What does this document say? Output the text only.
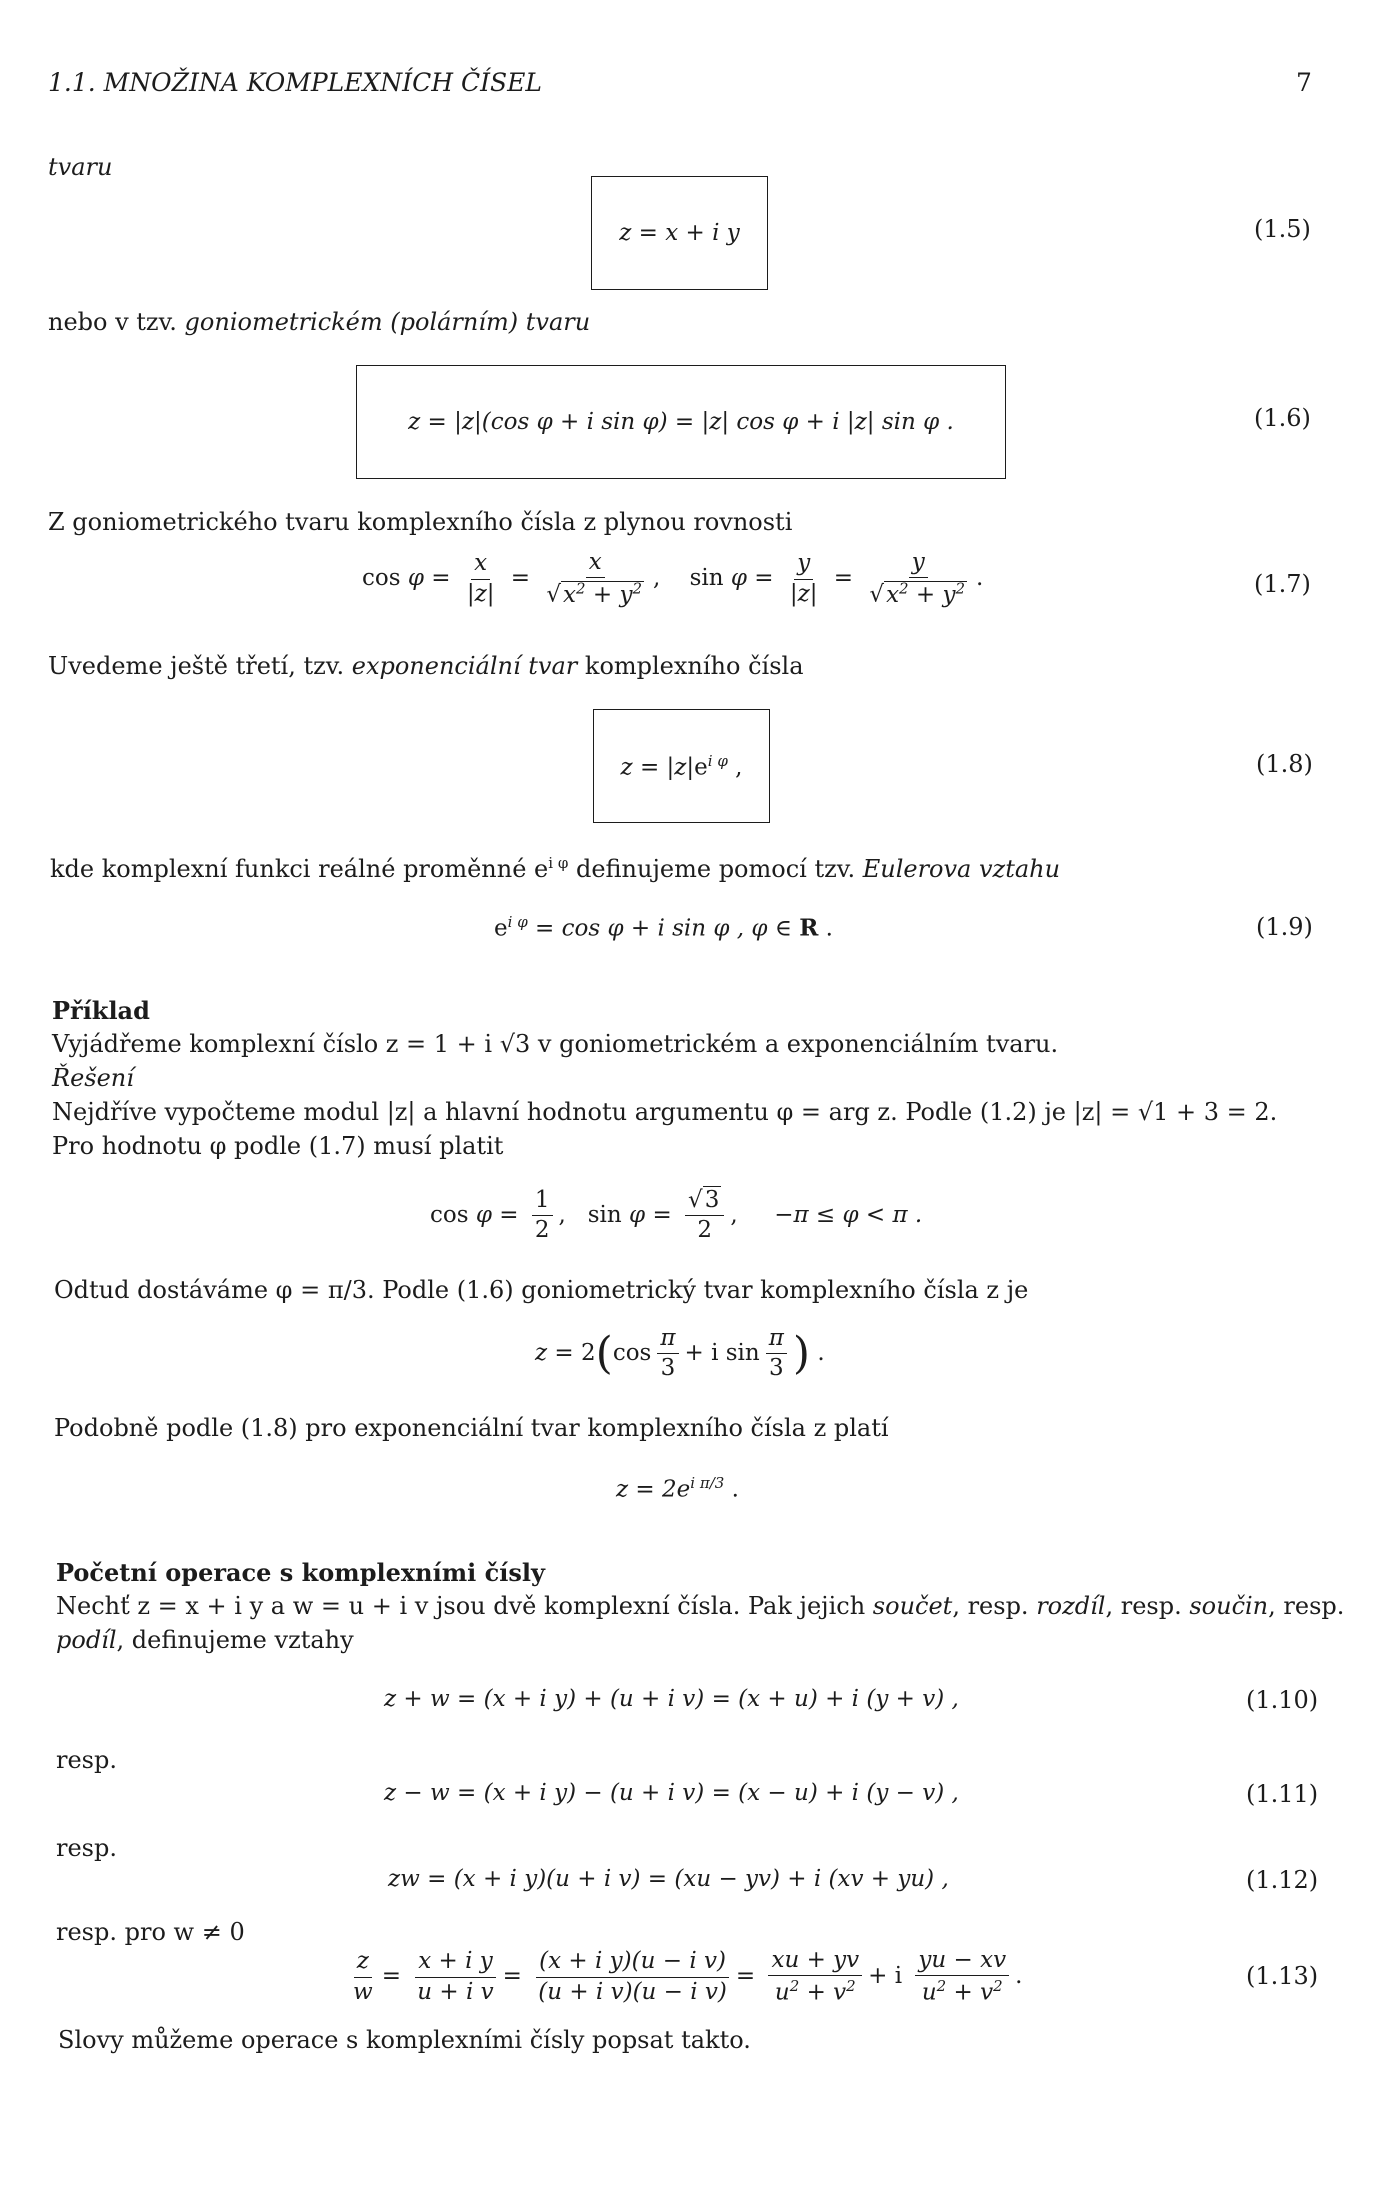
1.1. MNOŽINA KOMPLEXNÍCH ČÍSEL	7
tvaru
z = x + i y	(1.5)
nebo v tzv. goniometrickém (polárním) tvaru
z = |z|(cos φ + i sin φ) = |z| cos φ + i |z| sin φ .	(1.6)
Z goniometrického tvaru komplexního čísla z plynou rovnosti
$\cos \varphi = \frac{x}{|z|} = \frac{x}{√x^2 + y^2}$ , $\sin \varphi = \frac{y}{|z|} = \frac{y}{√x^2 + y^2}$ .	(1.7)
Uvedeme ještě třetí, tzv. exponenciální tvar komplexního čísla
$z = |z|e^{i \varphi}$ ,	(1.8)
kde komplexní funkci reálné proměnné $e^{i \varphi}$ definujeme pomocí tzv. Eulerova vztahu
$e^{i \varphi} = \cos \varphi + i$ sin φ , φ ∈ R .	(1.9)
Příklad
Vyjádřeme komplexní číslo z = 1 + i √3 v goniometrickém a exponenciálním tvaru.
Řešení
Nejdříve vypočteme modul |z| a hlavní hodnotu argumentu φ = arg z. Podle (1.2) je |z| = √1 + 3 = 2.
Pro hodnotu φ podle (1.7) musí platit
$\cos \varphi = \frac{1}{2}$ , $\sin \varphi = \frac{√3}{2}$ , −π ≤ φ < π .
Odtud dostáváme φ = π/3. Podle (1.6) goniometrický tvar komplexního čísla z je
$z = 2(\cos \frac{\pi}{3} + i$ $\sin \frac{\pi}{3}$ ) .
Podobně podle (1.8) pro exponenciální tvar komplexního čísla z platí
$z = 2e^{i \pi/3}$ .
Početní operace s komplexními čísly
Nechť z = x + i y a w = u + i v jsou dvě komplexní čísla. Pak jejich součet, resp. rozdíl, resp. součin, resp.
podíl, definujeme vztahy
z + w = (x + i y) + (u + i v) = (x + u) + i (y + v) ,	(1.10)
resp.
z − w = (x + i y) − (u + i v) = (x − u) + i (y − v) ,	(1.11)
resp.
zw = (x + i y)(u + i v) = (xu − yv) + i (xv + yu) ,	(1.12)
resp. pro w ≠ 0
$\frac{z}{w} = \frac{\text{x + i y}}{\text{u + i v}} = \frac{\text{(x + i y)(u − i v)}}{\text{(u + i v)(u − i v)}} = \frac{xu + yv}{u^2 + v^2} + i \frac{yu - xv}{u^2 + v^2}$ .	(1.13)
Slovy můžeme operace s komplexními čísly popsat takto.
